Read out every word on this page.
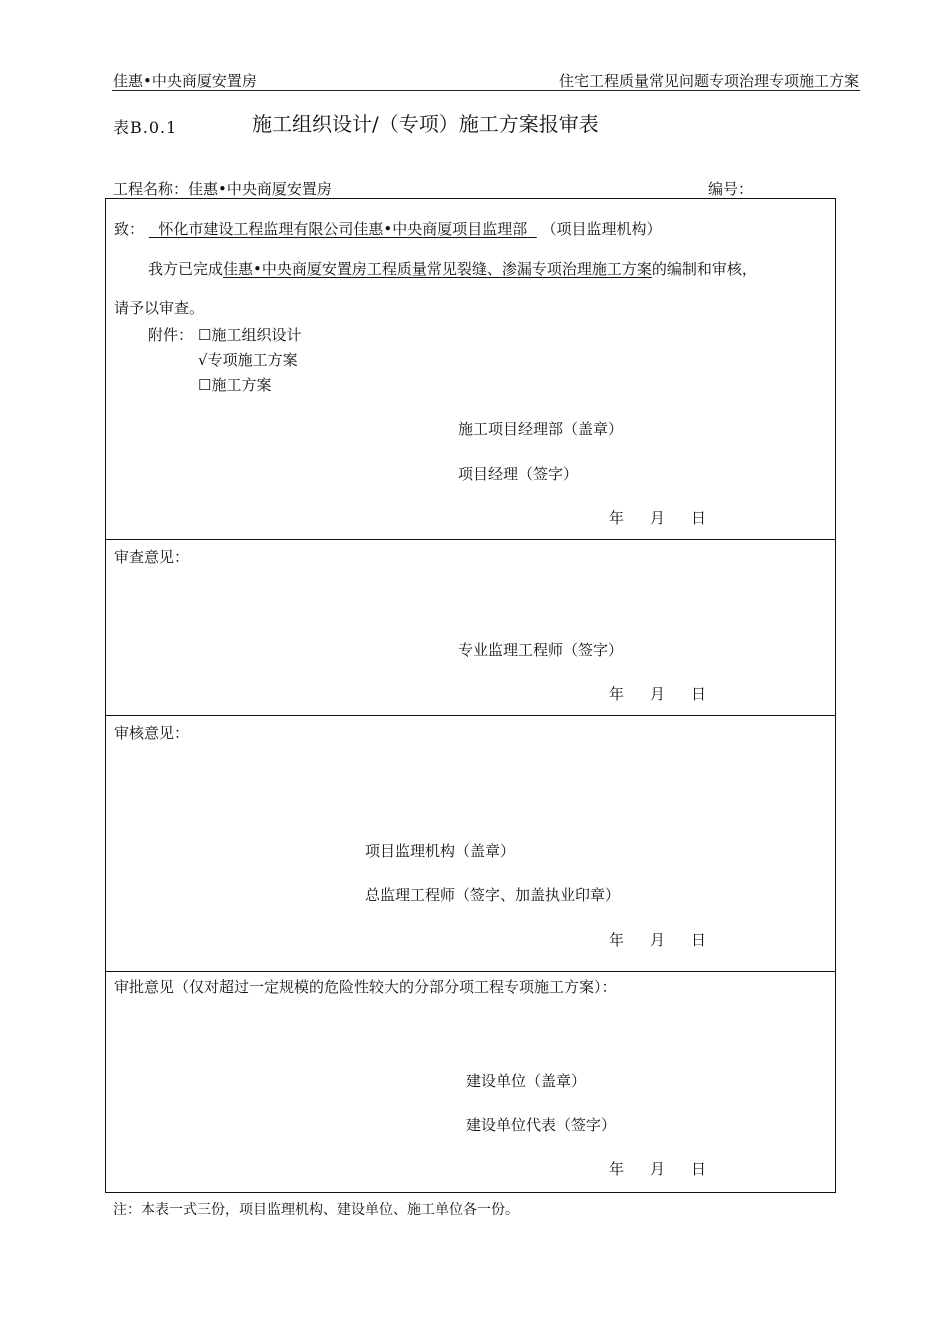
佳惠•中央商厦安置房	住宅工程质量常见问题专项治理专项施工方案
表B.0.1	施工组织设计/（专项）施工方案报审表
工程名称：佳惠•中央商厦安置房	编号：
致： 怀化市建设工程监理有限公司佳惠•中央商厦项目监理部 （项目监理机构）
我方已完成佳惠•中央商厦安置房工程质量常见裂缝、渗漏专项治理施工方案的编制和审核，
请予以审查。
附件： ☐施工组织设计
√专项施工方案
☐施工方案
施工项目经理部（盖章）
项目经理（签字）
年 月 日
审查意见：
专业监理工程师（签字）
年 月 日
审核意见：
项目监理机构（盖章）
总监理工程师（签字、加盖执业印章）
年 月 日
审批意见（仅对超过一定规模的危险性较大的分部分项工程专项施工方案）：
建设单位（盖章）
建设单位代表（签字）
年 月 日
注：本表一式三份，项目监理机构、建设单位、施工单位各一份。
